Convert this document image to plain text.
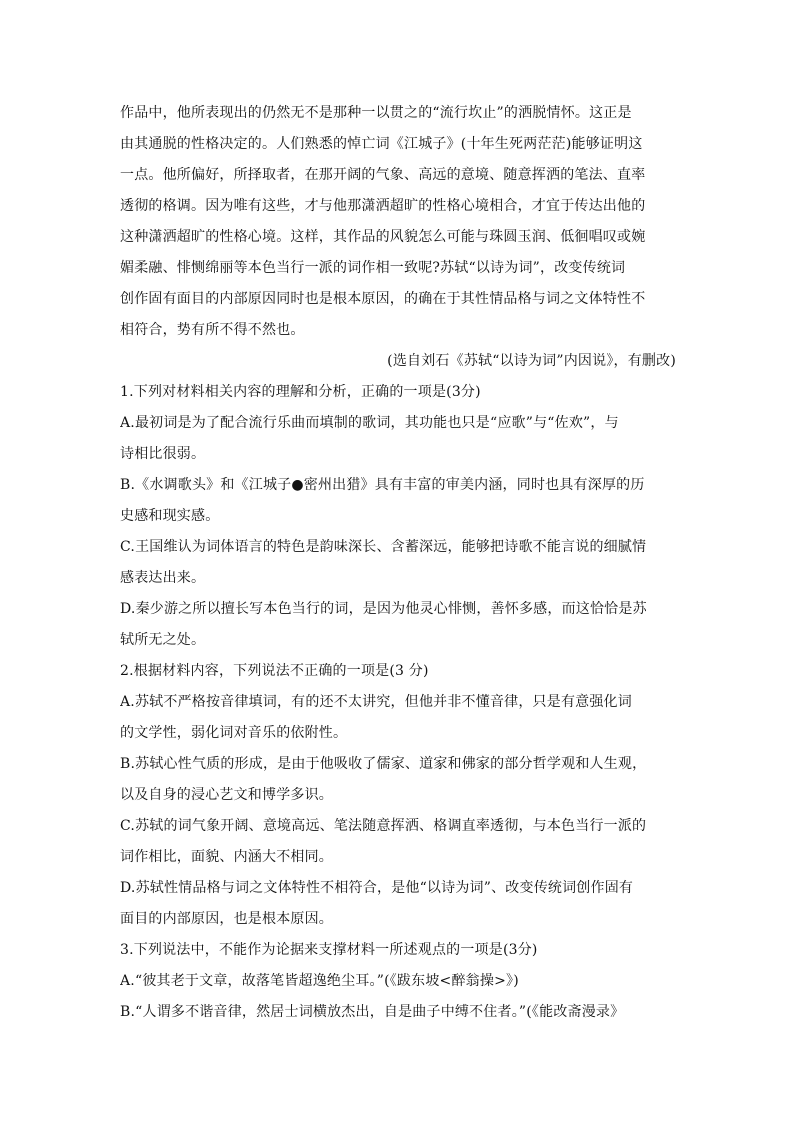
作品中，他所表现出的仍然无不是那种一以贯之的“流行坎止”的洒脱情怀。这正是
由其通脱的性格决定的。人们熟悉的悼亡词《江城子》(十年生死两茫茫)能够证明这
一点。他所偏好，所择取者，在那开阔的气象、高远的意境、随意挥洒的笔法、直率
透彻的格调。因为唯有这些，才与他那潇洒超旷的性格心境相合，才宜于传达出他的
这种潇洒超旷的性格心境。这样，其作品的风貌怎么可能与珠圆玉润、低徊唱叹或婉
媚柔融、悱恻绵丽等本色当行一派的词作相一致呢?苏轼“以诗为词”，改变传统词
创作固有面目的内部原因同时也是根本原因，的确在于其性情品格与词之文体特性不
相符合，势有所不得不然也。
(选自刘石《苏轼“以诗为词”内因说》，有删改)
1.下列对材料相关内容的理解和分析，正确的一项是(3分)
A.最初词是为了配合流行乐曲而填制的歌词，其功能也只是“应歌”与“佐欢”，与
诗相比很弱。
B.《水调歌头》和《江城子●密州出猎》具有丰富的审美内涵，同时也具有深厚的历
史感和现实感。
C.王国维认为词体语言的特色是韵味深长、含蓄深远，能够把诗歌不能言说的细腻情
感表达出来。
D.秦少游之所以擅长写本色当行的词，是因为他灵心悱恻，善怀多感，而这恰恰是苏
轼所无之处。
2.根据材料内容，下列说法不正确的一项是(3 分)
A.苏轼不严格按音律填词，有的还不太讲究，但他并非不懂音律，只是有意强化词
的文学性，弱化词对音乐的依附性。
B.苏轼心性气质的形成，是由于他吸收了儒家、道家和佛家的部分哲学观和人生观，
以及自身的浸心艺文和博学多识。
C.苏轼的词气象开阔、意境高远、笔法随意挥洒、格调直率透彻，与本色当行一派的
词作相比，面貌、内涵大不相同。
D.苏轼性情品格与词之文体特性不相符合，是他“以诗为词”、改变传统词创作固有
面目的内部原因，也是根本原因。
3.下列说法中，不能作为论据来支撑材料一所述观点的一项是(3分)
A.“彼其老于文章，故落笔皆超逸绝尘耳。”(《跋东坡<醉翁操>》)
B.“人谓多不谐音律，然居士词横放杰出，自是曲子中缚不住者。”(《能改斋漫录》
